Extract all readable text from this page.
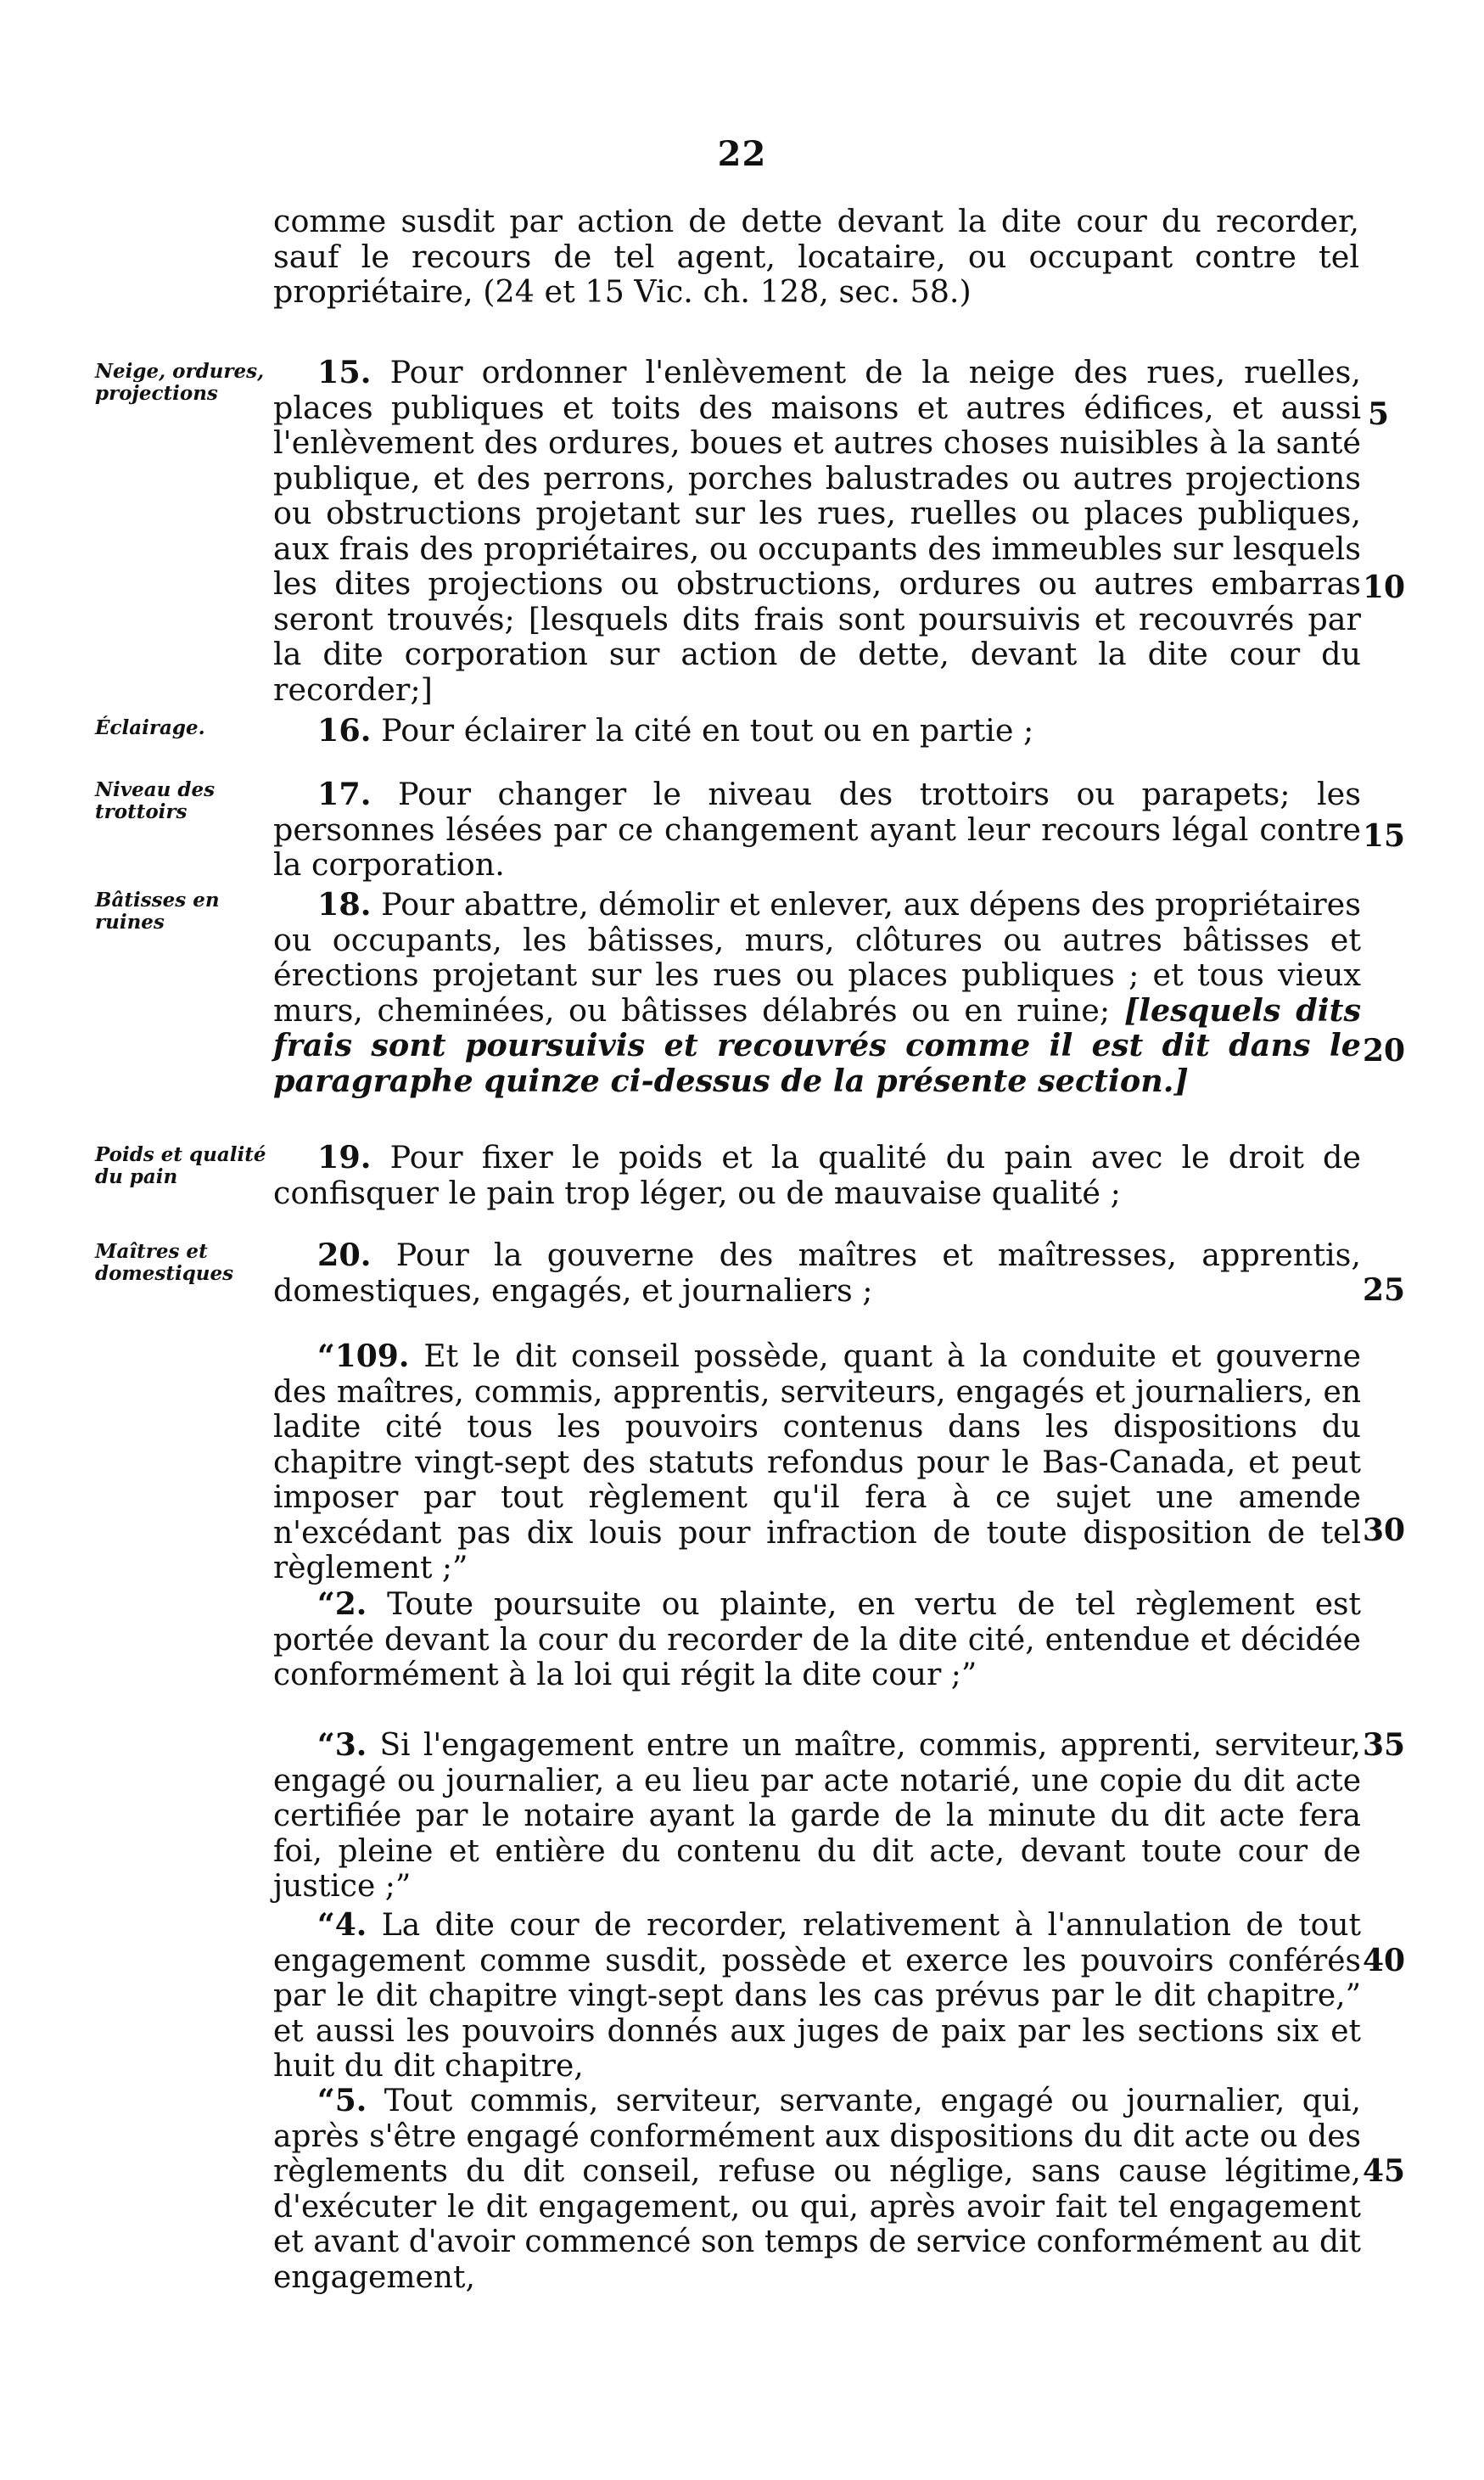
22
comme susdit par action de dette devant la dite cour du recorder, sauf le recours de tel agent, locataire, ou occupant contre tel propriétaire, (24 et 15 Vic. ch. 128, sec. 58.)
Neige, ordures, projections
15. Pour ordonner l'enlèvement de la neige des rues, ruelles, places publiques et toits des maisons et autres édifices, et aussi l'enlèvement des ordures, boues et autres choses nuisibles à la santé publique, et des perrons, porches balustrades ou autres projections ou obstructions projetant sur les rues, ruelles ou places publiques, aux frais des propriétaires, ou occupants des immeubles sur lesquels les dites projections ou obstructions, ordures ou autres embarras seront trouvés; [lesquels dits frais sont poursuivis et recouvrés par la dite corporation sur action de dette, devant la dite cour du recorder;]
Éclairage.	16. Pour éclairer la cité en tout ou en partie ;
Niveau des trottoirs	17. Pour changer le niveau des trottoirs ou parapets; les personnes lésées par ce changement ayant leur recours légal contre la corporation.
Bâtisses en ruines	18. Pour abattre, démolir et enlever, aux dépens des propriétaires ou occupants, les bâtisses, murs, clôtures ou autres bâtisses et érections projetant sur les rues ou places publiques ; et tous vieux murs, cheminées, ou bâtisses délabrés ou en ruine; [lesquels dits frais sont poursuivis et recouvrés comme il est dit dans le paragraphe quinze ci-dessus de la présente section.]
Poids et qualité du pain
19. Pour fixer le poids et la qualité du pain avec le droit de confisquer le pain trop léger, ou de mauvaise qualité ;
Maîtres et domestiques
20. Pour la gouverne des maîtres et maîtresses, apprentis, domestiques, engagés, et journaliers ;
“109. Et le dit conseil possède, quant à la conduite et gouverne des maîtres, commis, apprentis, serviteurs, engagés et journaliers, en ladite cité tous les pouvoirs contenus dans les dispositions du chapitre vingt-sept des statuts refondus pour le Bas-Canada, et peut imposer par tout règlement qu'il fera à ce sujet une amende n'excédant pas dix louis pour infraction de toute disposition de tel règlement ;”
“2. Toute poursuite ou plainte, en vertu de tel règlement est portée devant la cour du recorder de la dite cité, entendue et décidée conformément à la loi qui régit la dite cour ;”
“3. Si l'engagement entre un maître, commis, apprenti, serviteur, engagé ou journalier, a eu lieu par acte notarié, une copie du dit acte certifiée par le notaire ayant la garde de la minute du dit acte fera foi, pleine et entière du contenu du dit acte, devant toute cour de justice ;”
“4. La dite cour de recorder, relativement à l'annulation de tout engagement comme susdit, possède et exerce les pouvoirs conférés par le dit chapitre vingt-sept dans les cas prévus par le dit chapitre,” et aussi les pouvoirs donnés aux juges de paix par les sections six et huit du dit chapitre,
“5. Tout commis, serviteur, servante, engagé ou journalier, qui, après s'être engagé conformément aux dispositions du dit acte ou des règlements du dit conseil, refuse ou néglige, sans cause légitime, d'exécuter le dit engagement, ou qui, après avoir fait tel engagement et avant d'avoir commencé son temps de service conformément au dit engagement,
5
10
15
20
25
30
35
40
45
